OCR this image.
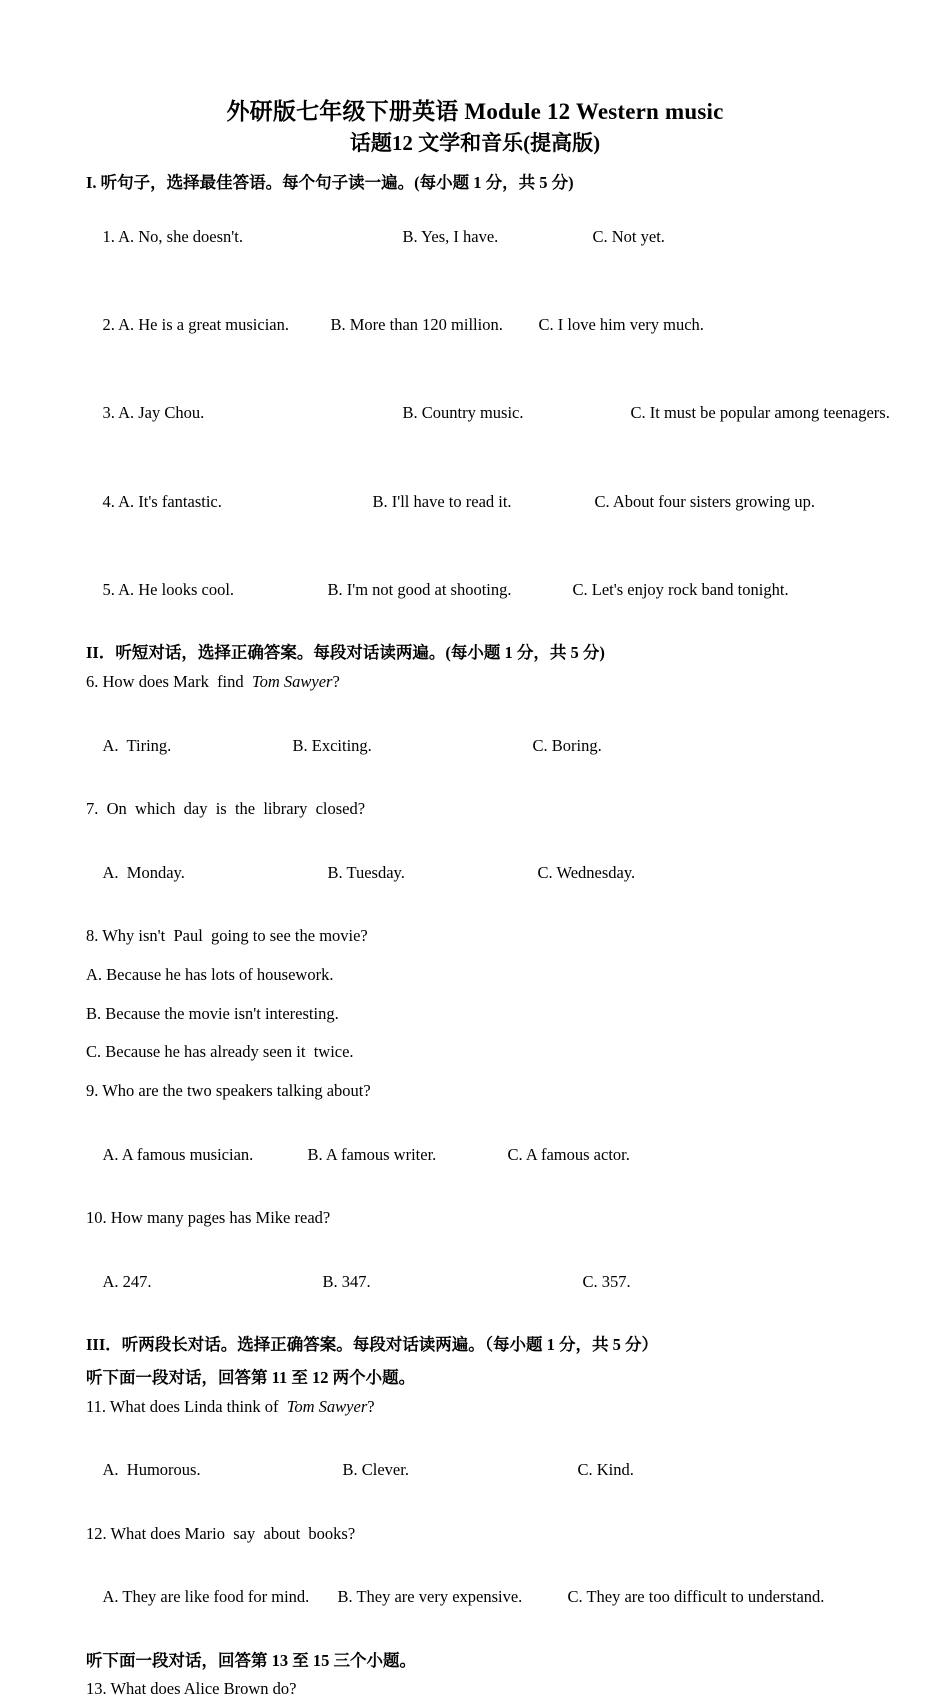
外研版七年级下册英语 Module 12 Western music
话题12 文学和音乐(提高版)
I. 听句子，选择最佳答语。每个句子读一遍。(每小题 1 分，共 5 分)

1. A. No, she doesn't.	B. Yes, I have.	C. Not yet.

2. A. He is a great musician.	B. More than 120 million. C. I love him very much.

3. A. Jay Chou.	B. Country music.	C. It must be popular among teenagers.

4. A. It's fantastic.	B. I'll have to read it.	C. About four sisters growing up.

5. A. He looks cool.	B. I'm not good at shooting.	C. Let's enjoy rock band tonight.

II．听短对话，选择正确答案。每段对话读两遍。(每小题 1 分，共 5 分)
6. How does Mark  find  Tom Sawyer?

A.  Tiring.	B. Exciting.	C. Boring.

7.  On  which  day  is  the  library  closed?

A.  Monday.	B. Tuesday.	C. Wednesday.

8. Why isn't  Paul  going to see the movie?
A. Because he has lots of housework.
B. Because the movie isn't interesting.
C. Because he has already seen it  twice.
9. Who are the two speakers talking about?

A. A famous musician.	B. A famous writer.	C. A famous actor.

10. How many pages has Mike read?

A. 247.	B. 347.	C. 357.

III．听两段长对话。选择正确答案。每段对话读两遍。（每小题 1 分，共 5 分）
听下面一段对话，回答第 11 至 12 两个小题。
11. What does Linda think of  Tom Sawyer?

A.  Humorous.	B. Clever.	C. Kind.

12. What does Mario  say  about  books?

A. They are like food for mind. B. They are very expensive.	C. They are too difficult to understand.

听下面一段对话，回答第 13 至 15 三个小题。
13. What does Alice Brown do?
